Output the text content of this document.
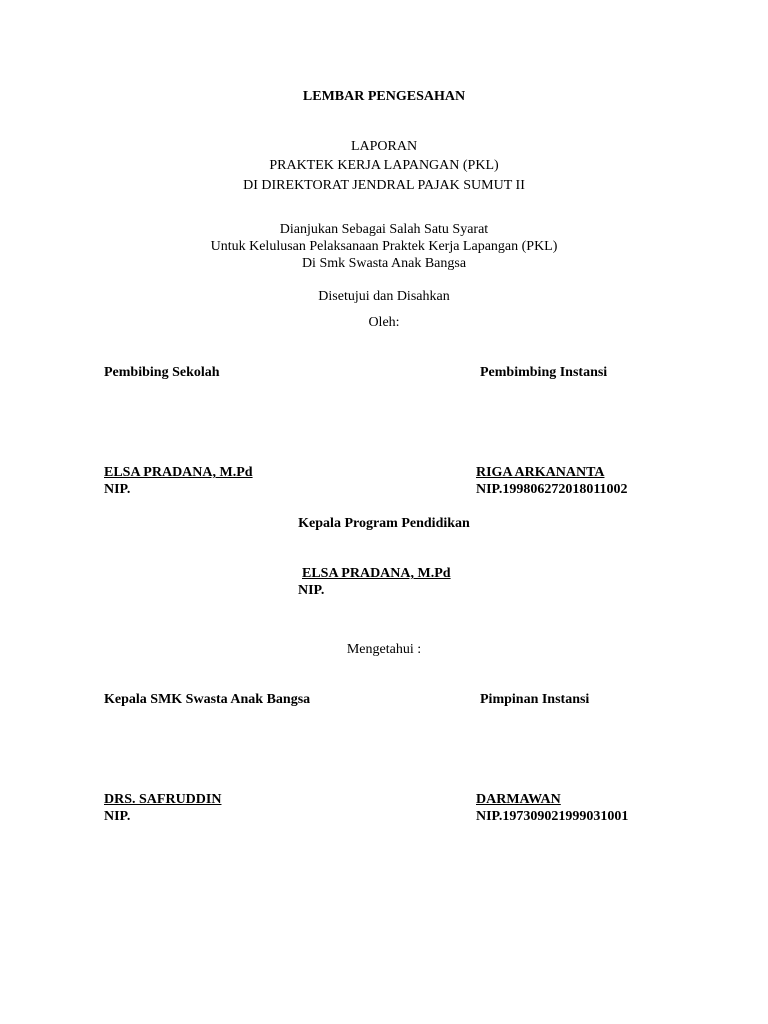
LEMBAR PENGESAHAN
LAPORAN
PRAKTEK KERJA LAPANGAN (PKL)
DI DIREKTORAT JENDRAL PAJAK SUMUT II
Dianjukan Sebagai Salah Satu Syarat
Untuk Kelulusan Pelaksanaan Praktek Kerja Lapangan (PKL)
Di Smk Swasta Anak Bangsa
Disetujui dan Disahkan
Oleh:
Pembibing Sekolah	Pembimbing Instansi
ELSA PRADANA, M.Pd
NIP.
RIGA ARKANANTA
NIP.199806272018011002
Kepala Program Pendidikan
ELSA PRADANA, M.Pd
NIP.
Mengetahui :
Kepala SMK Swasta Anak Bangsa	Pimpinan Instansi
DRS. SAFRUDDIN
NIP.
DARMAWAN
NIP.197309021999031001
